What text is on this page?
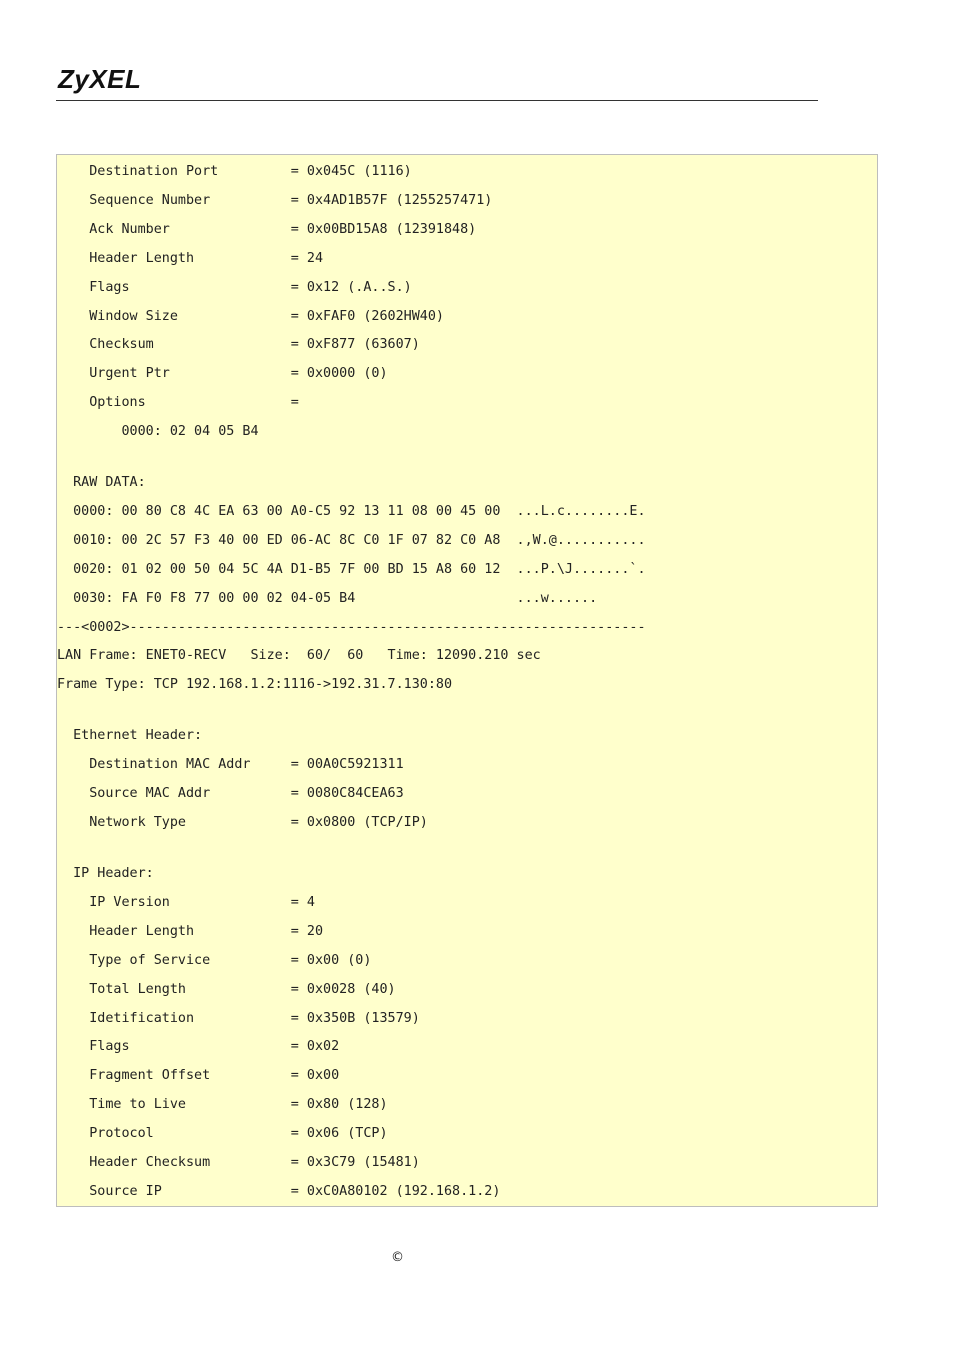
ZyXEL
Destination Port         = 0x045C (1116)
Sequence Number          = 0x4AD1B57F (1255257471)
Ack Number               = 0x00BD15A8 (12391848)
Header Length            = 24
Flags                    = 0x12 (.A..S.)
Window Size              = 0xFAF0 (2602HW40)
Checksum                 = 0xF877 (63607)
Urgent Ptr               = 0x0000 (0)
Options                  =
0000: 02 04 05 B4
RAW DATA:
0000: 00 80 C8 4C EA 63 00 A0-C5 92 13 11 08 00 45 00  ...L.c........E.
0010: 00 2C 57 F3 40 00 ED 06-AC 8C C0 1F 07 82 C0 A8  .,W.@...........
0020: 01 02 00 50 04 5C 4A D1-B5 7F 00 BD 15 A8 60 12  ...P.\J.......`.
0030: FA F0 F8 77 00 00 02 04-05 B4                    ...w......
---<0002>----------------------------------------------------------------
LAN Frame: ENET0-RECV   Size:  60/  60   Time: 12090.210 sec
Frame Type: TCP 192.168.1.2:1116->192.31.7.130:80
Ethernet Header:
Destination MAC Addr     = 00A0C5921311
Source MAC Addr          = 0080C84CEA63
Network Type             = 0x0800 (TCP/IP)
IP Header:
IP Version               = 4
Header Length            = 20
Type of Service          = 0x00 (0)
Total Length             = 0x0028 (40)
Idetification            = 0x350B (13579)
Flags                    = 0x02
Fragment Offset          = 0x00
Time to Live             = 0x80 (128)
Protocol                 = 0x06 (TCP)
Header Checksum          = 0x3C79 (15481)
Source IP                = 0xC0A80102 (192.168.1.2)
©
